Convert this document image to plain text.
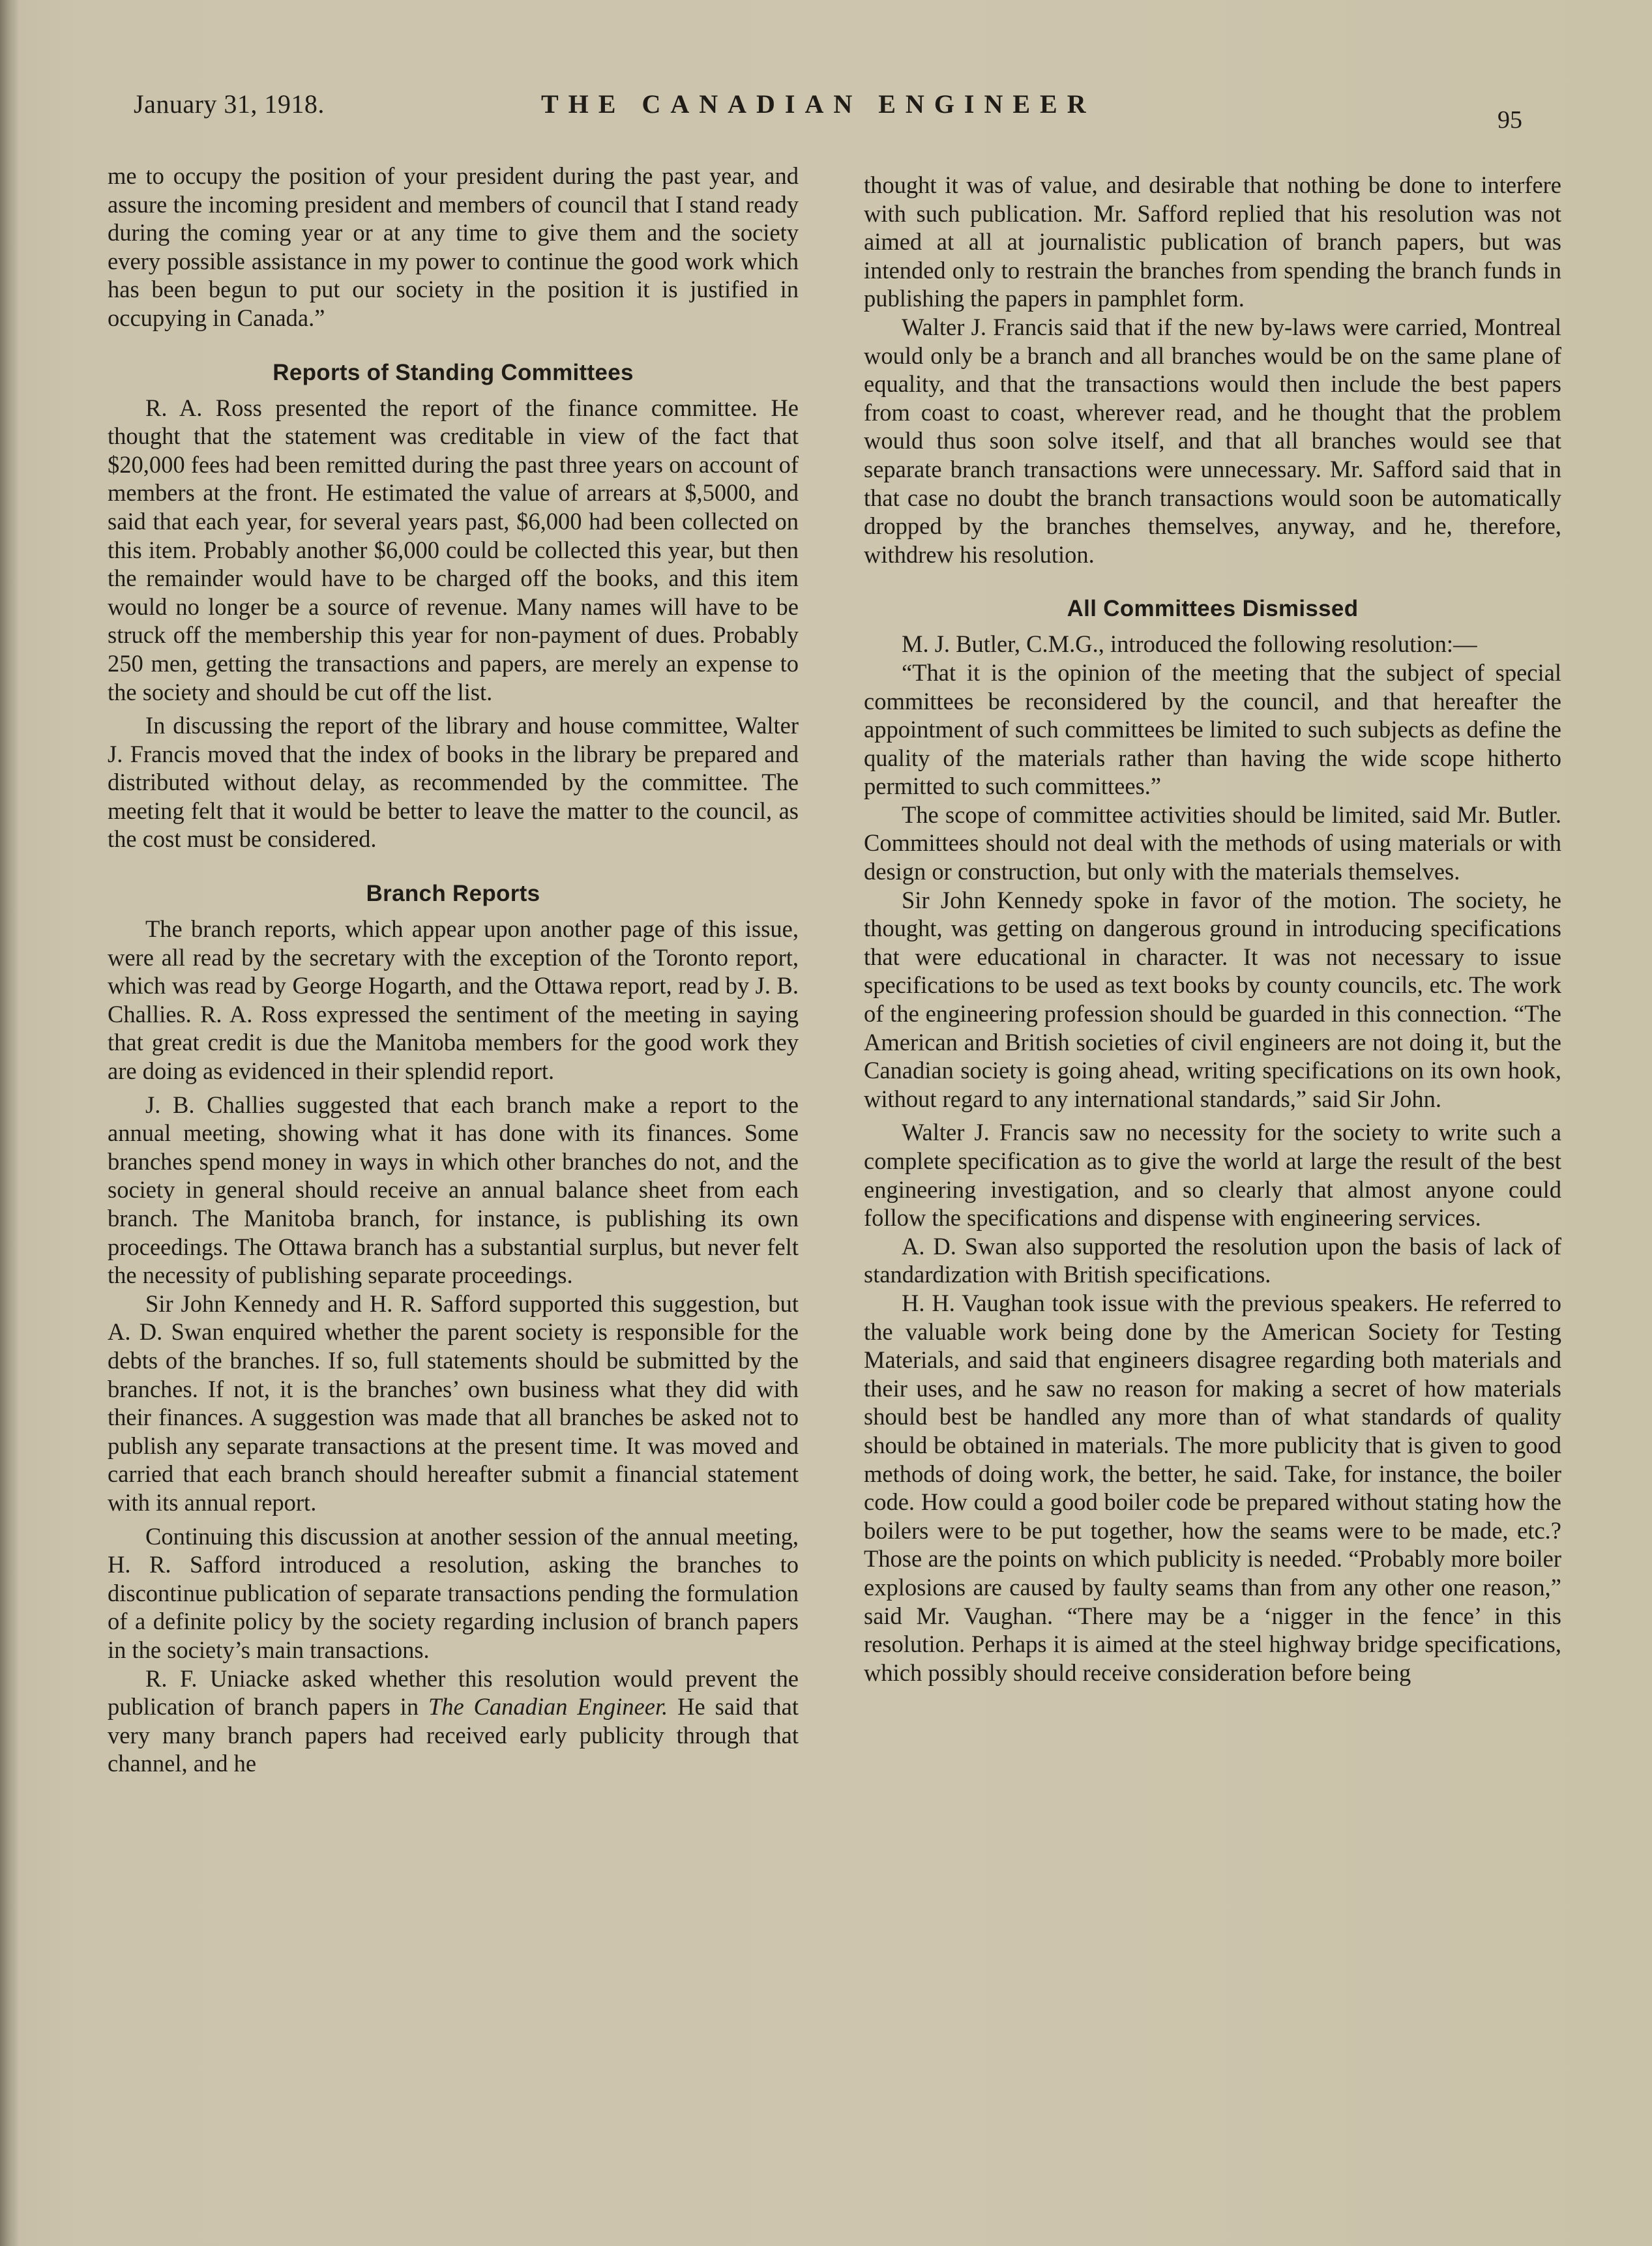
January 31, 1918.	THE CANADIAN ENGINEER
95

me to occupy the position of your president during the past year, and assure the incoming president and members of council that I stand ready during the coming year or at any time to give them and the society every possible assistance in my power to continue the good work which has been begun to put our society in the position it is justified in occupying in Canada.”

Reports of Standing Committees

R. A. Ross presented the report of the finance committee. He thought that the statement was creditable in view of the fact that $20,000 fees had been remitted during the past three years on account of members at the front. He estimated the value of arrears at $,5000, and said that each year, for several years past, $6,000 had been collected on this item. Probably another $6,000 could be collected this year, but then the remainder would have to be charged off the books, and this item would no longer be a source of revenue. Many names will have to be struck off the membership this year for non-payment of dues. Probably 250 men, getting the transactions and papers, are merely an expense to the society and should be cut off the list.

In discussing the report of the library and house committee, Walter J. Francis moved that the index of books in the library be prepared and distributed without delay, as recommended by the committee. The meeting felt that it would be better to leave the matter to the council, as the cost must be considered.

Branch Reports

The branch reports, which appear upon another page of this issue, were all read by the secretary with the exception of the Toronto report, which was read by George Hogarth, and the Ottawa report, read by J. B. Challies. R. A. Ross expressed the sentiment of the meeting in saying that great credit is due the Manitoba members for the good work they are doing as evidenced in their splendid report.

J. B. Challies suggested that each branch make a report to the annual meeting, showing what it has done with its finances. Some branches spend money in ways in which other branches do not, and the society in general should receive an annual balance sheet from each branch. The Manitoba branch, for instance, is publishing its own proceedings. The Ottawa branch has a substantial surplus, but never felt the necessity of publishing separate proceedings.

Sir John Kennedy and H. R. Safford supported this suggestion, but A. D. Swan enquired whether the parent society is responsible for the debts of the branches. If so, full statements should be submitted by the branches. If not, it is the branches’ own business what they did with their finances. A suggestion was made that all branches be asked not to publish any separate transactions at the present time. It was moved and carried that each branch should hereafter submit a financial statement with its annual report.

Continuing this discussion at another session of the annual meeting, H. R. Safford introduced a resolution, asking the branches to discontinue publication of separate transactions pending the formulation of a definite policy by the society regarding inclusion of branch papers in the society’s main transactions.

R. F. Uniacke asked whether this resolution would prevent the publication of branch papers in The Canadian Engineer. He said that very many branch papers had received early publicity through that channel, and he

thought it was of value, and desirable that nothing be done to interfere with such publication. Mr. Safford replied that his resolution was not aimed at all at journalistic publication of branch papers, but was intended only to restrain the branches from spending the branch funds in publishing the papers in pamphlet form.

Walter J. Francis said that if the new by-laws were carried, Montreal would only be a branch and all branches would be on the same plane of equality, and that the transactions would then include the best papers from coast to coast, wherever read, and he thought that the problem would thus soon solve itself, and that all branches would see that separate branch transactions were unnecessary. Mr. Safford said that in that case no doubt the branch transactions would soon be automatically dropped by the branches themselves, anyway, and he, therefore, withdrew his resolution.

All Committees Dismissed

M. J. Butler, C.M.G., introduced the following resolution:—

“That it is the opinion of the meeting that the subject of special committees be reconsidered by the council, and that hereafter the appointment of such committees be limited to such subjects as define the quality of the materials rather than having the wide scope hitherto permitted to such committees.”

The scope of committee activities should be limited, said Mr. Butler. Committees should not deal with the methods of using materials or with design or construction, but only with the materials themselves.

Sir John Kennedy spoke in favor of the motion. The society, he thought, was getting on dangerous ground in introducing specifications that were educational in character. It was not necessary to issue specifications to be used as text books by county councils, etc. The work of the engineering profession should be guarded in this connection. “The American and British societies of civil engineers are not doing it, but the Canadian society is going ahead, writing specifications on its own hook, without regard to any international standards,” said Sir John.

Walter J. Francis saw no necessity for the society to write such a complete specification as to give the world at large the result of the best engineering investigation, and so clearly that almost anyone could follow the specifications and dispense with engineering services.

A. D. Swan also supported the resolution upon the basis of lack of standardization with British specifications.

H. H. Vaughan took issue with the previous speakers. He referred to the valuable work being done by the American Society for Testing Materials, and said that engineers disagree regarding both materials and their uses, and he saw no reason for making a secret of how materials should best be handled any more than of what standards of quality should be obtained in materials. The more publicity that is given to good methods of doing work, the better, he said. Take, for instance, the boiler code. How could a good boiler code be prepared without stating how the boilers were to be put together, how the seams were to be made, etc.? Those are the points on which publicity is needed. “Probably more boiler explosions are caused by faulty seams than from any other one reason,” said Mr. Vaughan. “There may be a ‘nigger in the fence’ in this resolution. Perhaps it is aimed at the steel highway bridge specifications, which possibly should receive consideration before being
